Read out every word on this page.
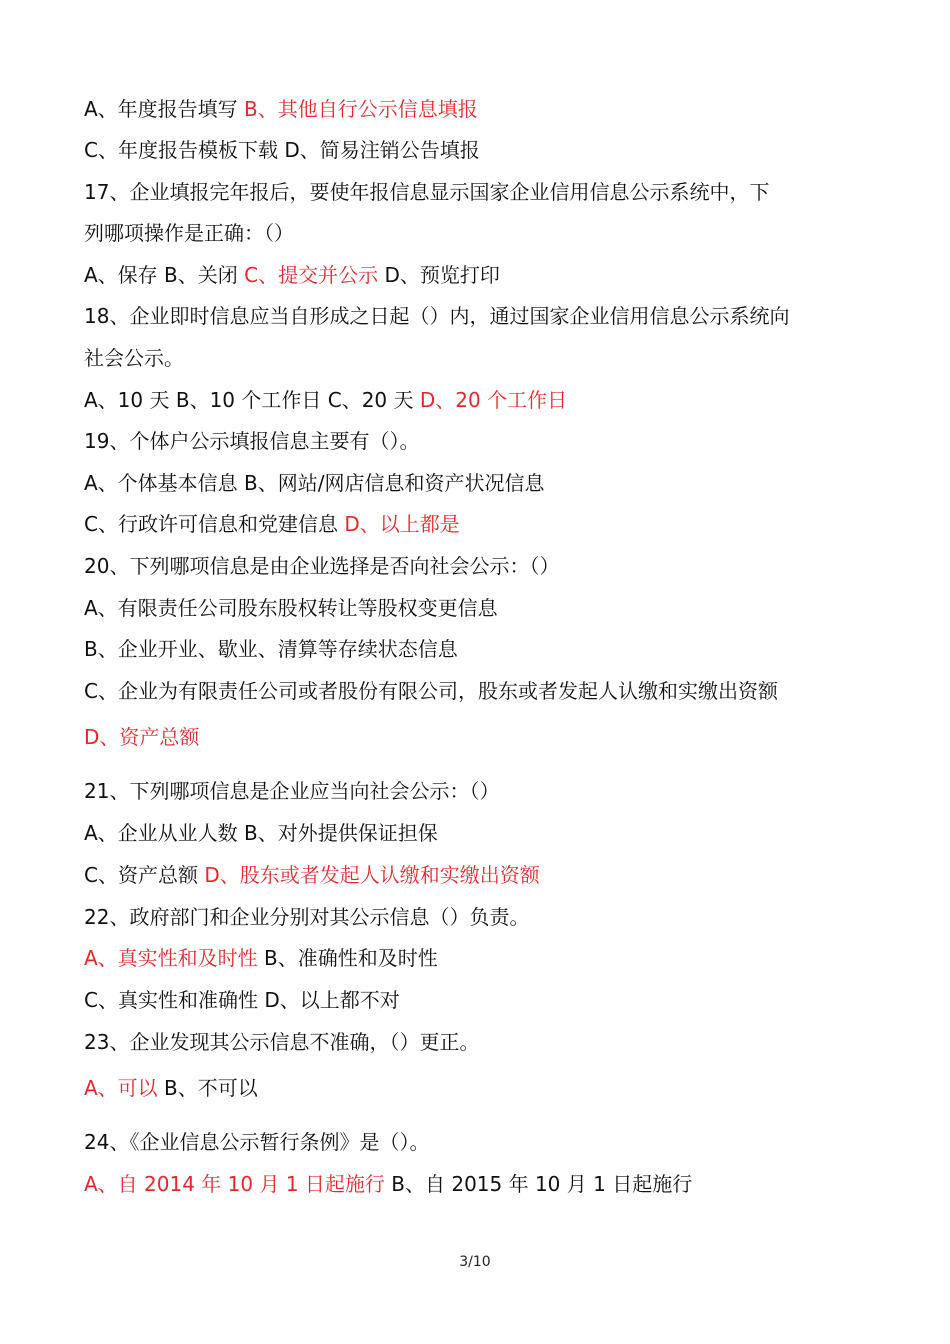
A、年度报告填写 B、其他自行公示信息填报
C、年度报告模板下载 D、简易注销公告填报
17、企业填报完年报后，要使年报信息显示国家企业信用信息公示系统中，下
列哪项操作是正确：（）
A、保存 B、关闭 C、提交并公示 D、预览打印
18、企业即时信息应当自形成之日起（）内，通过国家企业信用信息公示系统向
社会公示。
A、10 天 B、10 个工作日 C、20 天 D、20 个工作日
19、个体户公示填报信息主要有（）。
A、个体基本信息 B、网站/网店信息和资产状况信息
C、行政许可信息和党建信息 D、以上都是
20、下列哪项信息是由企业选择是否向社会公示：（）
A、有限责任公司股东股权转让等股权变更信息
B、企业开业、歇业、清算等存续状态信息
C、企业为有限责任公司或者股份有限公司，股东或者发起人认缴和实缴出资额
D、资产总额
21、下列哪项信息是企业应当向社会公示：（）
A、企业从业人数 B、对外提供保证担保
C、资产总额 D、股东或者发起人认缴和实缴出资额
22、政府部门和企业分别对其公示信息（）负责。
A、真实性和及时性 B、准确性和及时性
C、真实性和准确性 D、以上都不对
23、企业发现其公示信息不准确，（）更正。
A、可以 B、不可以
24、《企业信息公示暂行条例》是（）。
A、自 2014 年 10 月 1 日起施行 B、自 2015 年 10 月 1 日起施行
3/10
